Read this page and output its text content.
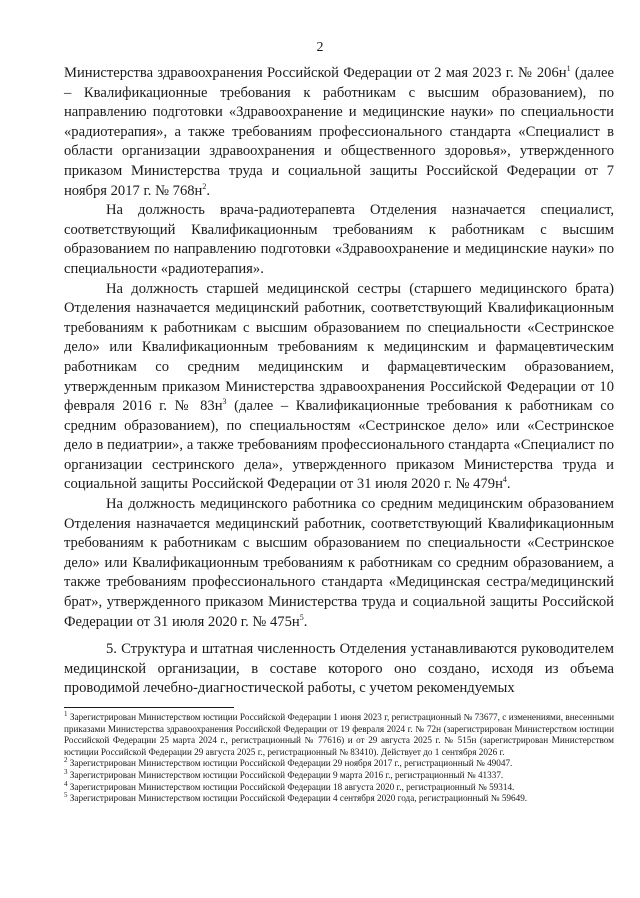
2

Министерства здравоохранения Российской Федерации от 2 мая 2023 г. № $206н^1$ (далее – Квалификационные требования к работникам с высшим образованием), по направлению подготовки «Здравоохранение и медицинские науки» по специальности «радиотерапия», а также требованиям профессионального стандарта «Специалист в области организации здравоохранения и общественного здоровья», утвержденного приказом Министерства труда и социальной защиты Российской Федерации от 7 ноября 2017 г. № $768н^2$.

На должность врача-радиотерапевта Отделения назначается специалист, соответствующий Квалификационным требованиям к работникам с высшим образованием по направлению подготовки «Здравоохранение и медицинские науки» по специальности «радиотерапия».

На должность старшей медицинской сестры (старшего медицинского брата) Отделения назначается медицинский работник, соответствующий Квалификационным требованиям к работникам с высшим образованием по специальности «Сестринское дело» или Квалификационным требованиям к медицинским и фармацевтическим работникам со средним медицинским и фармацевтическим образованием, утвержденным приказом Министерства здравоохранения Российской Федерации от 10 февраля 2016 г. № $83н^3$ (далее – Квалификационные требования к работникам со средним образованием), по специальностям «Сестринское дело» или «Сестринское дело в педиатрии», а также требованиям профессионального стандарта «Специалист по организации сестринского дела», утвержденного приказом Министерства труда и социальной защиты Российской Федерации от 31 июля 2020 г. № $479н^4$.

На должность медицинского работника со средним медицинским образованием Отделения назначается медицинский работник, соответствующий Квалификационным требованиям к работникам с высшим образованием по специальности «Сестринское дело» или Квалификационным требованиям к работникам со средним образованием, а также требованиям профессионального стандарта «Медицинская сестра/медицинский брат», утвержденного приказом Министерства труда и социальной защиты Российской Федерации от 31 июля 2020 г. № $475н^5$.

5. Структура и штатная численность Отделения устанавливаются руководителем медицинской организации, в составе которого оно создано, исходя из объема проводимой лечебно-диагностической работы, с учетом рекомендуемых

$^1$ Зарегистрирован Министерством юстиции Российской Федерации 1 июня 2023 г, регистрационный № 73677, с изменениями, внесенными приказами Министерства здравоохранения Российской Федерации от 19 февраля 2024 г. № 72н (зарегистрирован Министерством юстиции Российской Федерации 25 марта 2024 г., регистрационный № 77616) и от 29 августа 2025 г. № 515н (зарегистрирован Министерством юстиции Российской Федерации 29 августа 2025 г., регистрационный № 83410). Действует до 1 сентября 2026 г.

$^2$ Зарегистрирован Министерством юстиции Российской Федерации 29 ноября 2017 г., регистрационный № 49047.

$^3$ Зарегистрирован Министерством юстиции Российской Федерации 9 марта 2016 г., регистрационный № 41337.

$^4$ Зарегистрирован Министерством юстиции Российской Федерации 18 августа 2020 г., регистрационный № 59314.

$^5$ Зарегистрирован Министерством юстиции Российской Федерации 4 сентября 2020 года, регистрационный № 59649.
